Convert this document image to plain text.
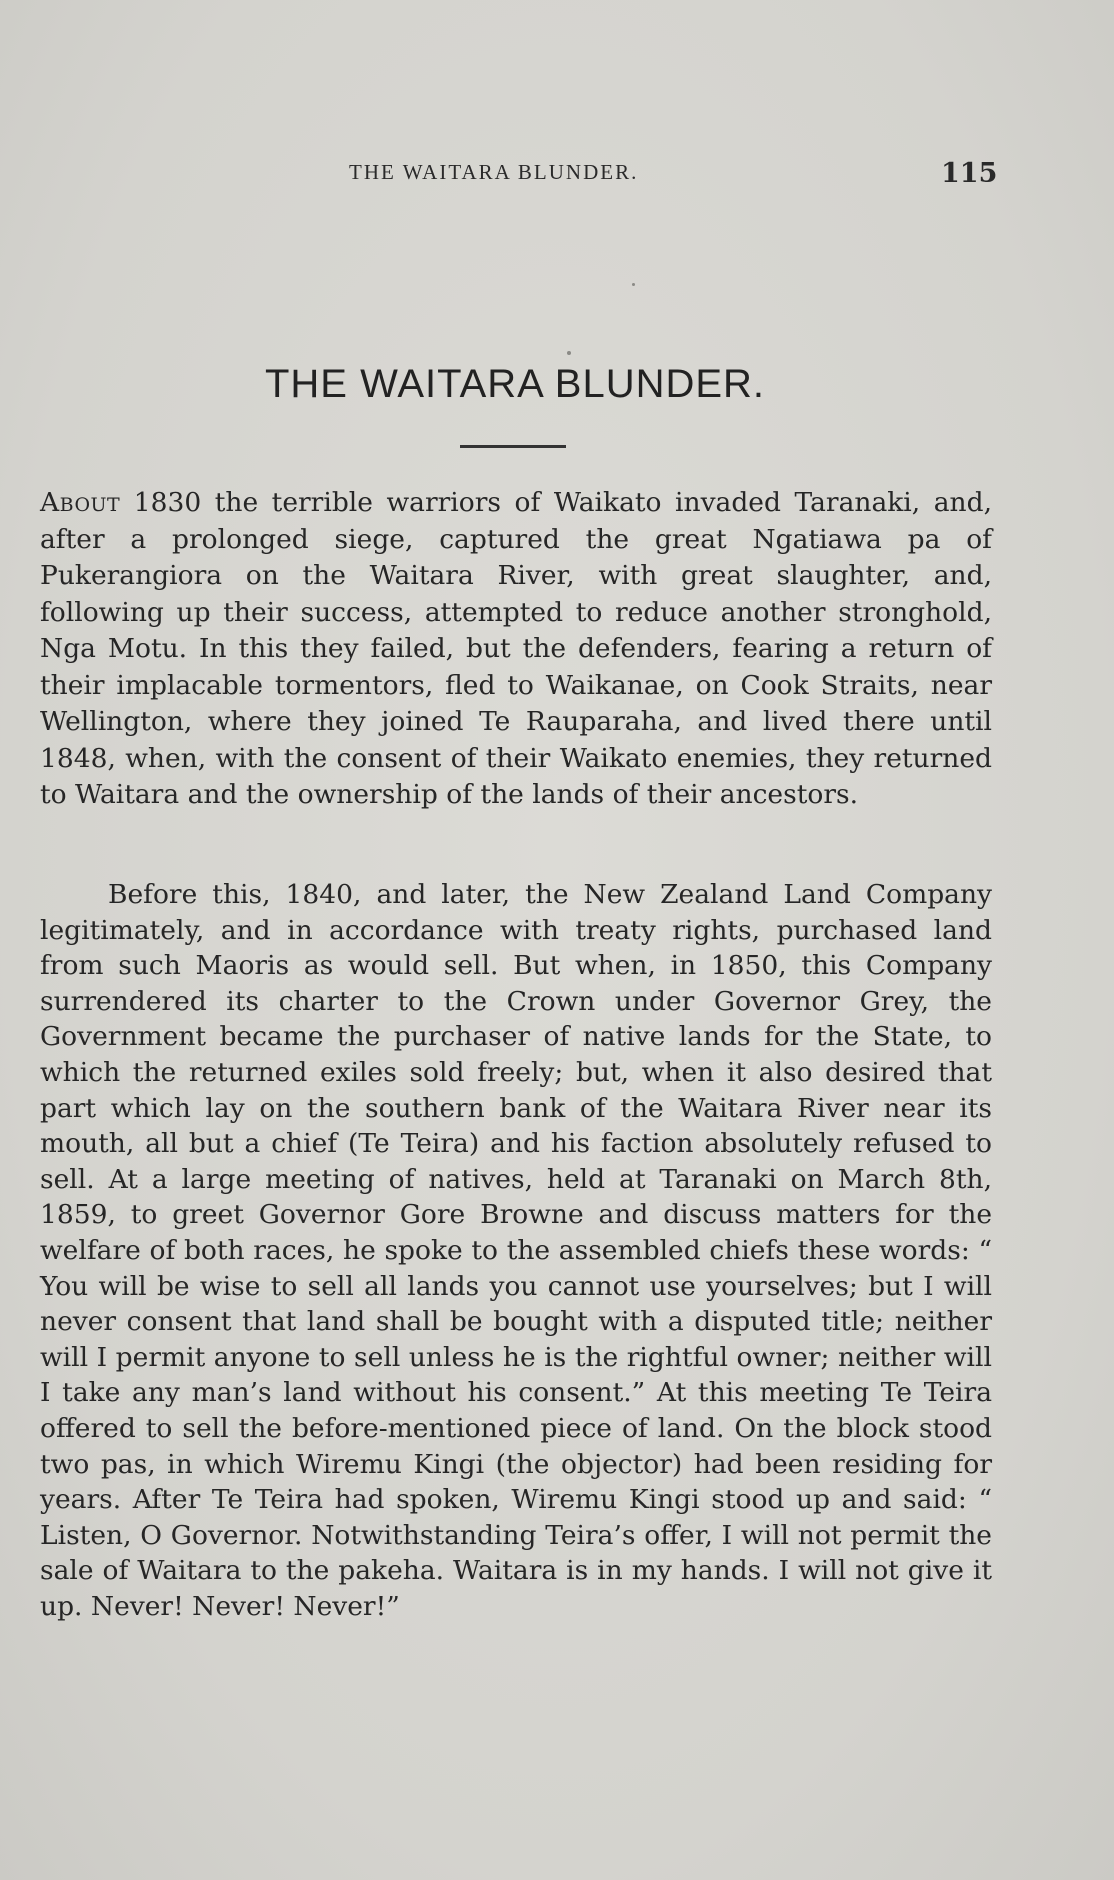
THE WAITARA BLUNDER.	115
THE WAITARA BLUNDER.

About 1830 the terrible warriors of Waikato invaded Taranaki, and, after a prolonged siege, captured the great Ngatiawa pa of Pukerangiora on the Waitara River, with great slaughter, and, following up their success, attempted to reduce another stronghold, Nga Motu. In this they failed, but the defenders, fearing a return of their implacable tormentors, fled to Waikanae, on Cook Straits, near Wellington, where they joined Te Rauparaha, and lived there until 1848, when, with the consent of their Waikato enemies, they returned to Waitara and the ownership of the lands of their ancestors.

Before this, 1840, and later, the New Zealand Land Company legitimately, and in accordance with treaty rights, purchased land from such Maoris as would sell. But when, in 1850, this Company surrendered its charter to the Crown under Governor Grey, the Government became the purchaser of native lands for the State, to which the returned exiles sold freely; but, when it also desired that part which lay on the southern bank of the Waitara River near its mouth, all but a chief (Te Teira) and his faction absolutely refused to sell. At a large meeting of natives, held at Taranaki on March 8th, 1859, to greet Governor Gore Browne and discuss matters for the welfare of both races, he spoke to the assembled chiefs these words: “ You will be wise to sell all lands you cannot use yourselves; but I will never consent that land shall be bought with a disputed title; neither will I permit anyone to sell unless he is the rightful owner; neither will I take any man’s land without his consent.” At this meeting Te Teira offered to sell the before-mentioned piece of land. On the block stood two pas, in which Wiremu Kingi (the objector) had been residing for years. After Te Teira had spoken, Wiremu Kingi stood up and said: “ Listen, O Governor. Notwithstanding Teira’s offer, I will not permit the sale of Waitara to the pakeha. Waitara is in my hands. I will not give it up. Never! Never! Never!”
